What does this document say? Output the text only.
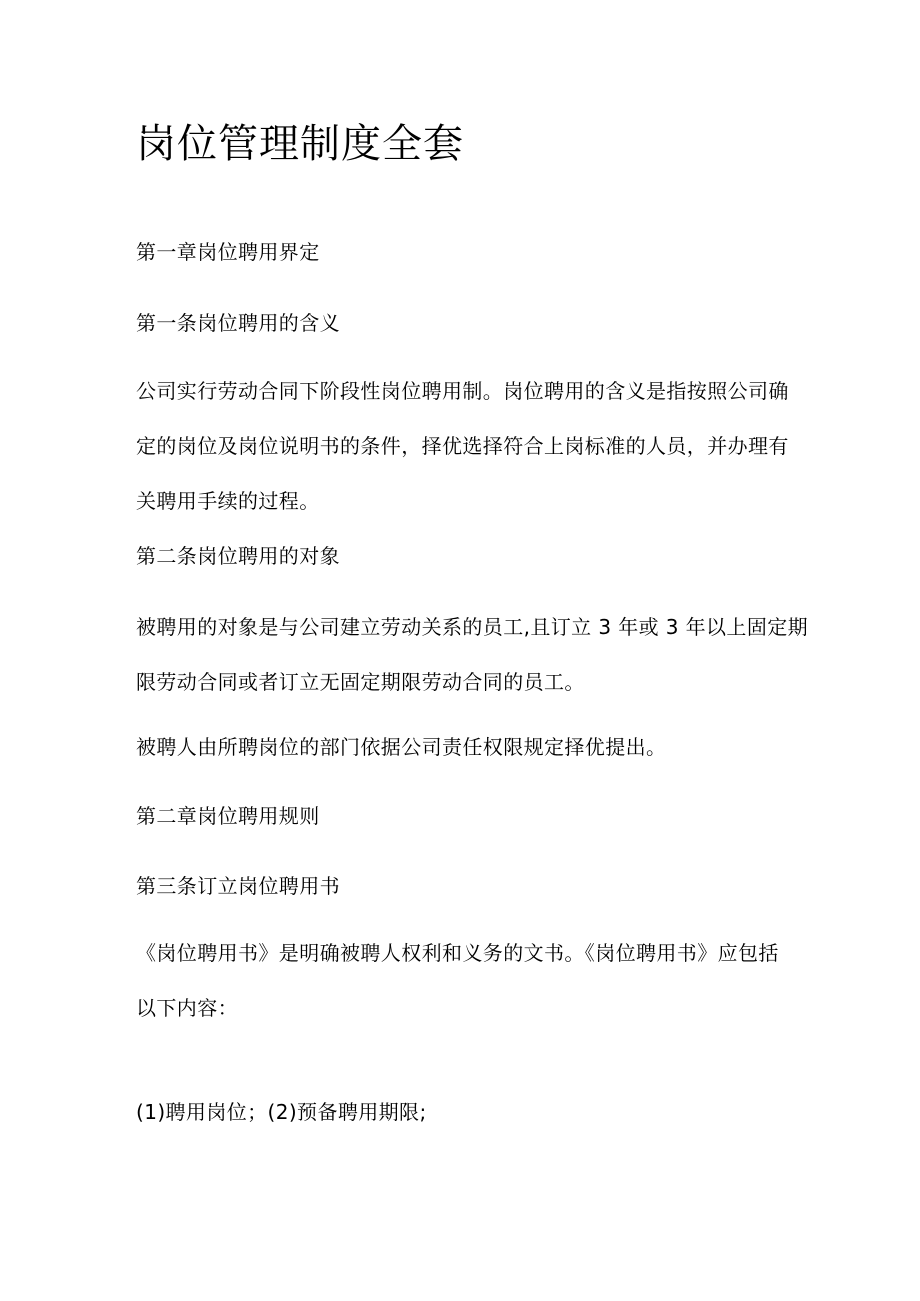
岗位管理制度全套

第一章岗位聘用界定

第一条岗位聘用的含义

公司实行劳动合同下阶段性岗位聘用制。岗位聘用的含义是指按照公司确
定的岗位及岗位说明书的条件，择优选择符合上岗标准的人员，并办理有
关聘用手续的过程。

第二条岗位聘用的对象

被聘用的对象是与公司建立劳动关系的员工,且订立 3 年或 3 年以上固定期
限劳动合同或者订立无固定期限劳动合同的员工。

被聘人由所聘岗位的部门依据公司责任权限规定择优提出。

第二章岗位聘用规则

第三条订立岗位聘用书

《岗位聘用书》是明确被聘人权利和义务的文书。《岗位聘用书》应包括
以下内容：

(1)聘用岗位；(2)预备聘用期限;
